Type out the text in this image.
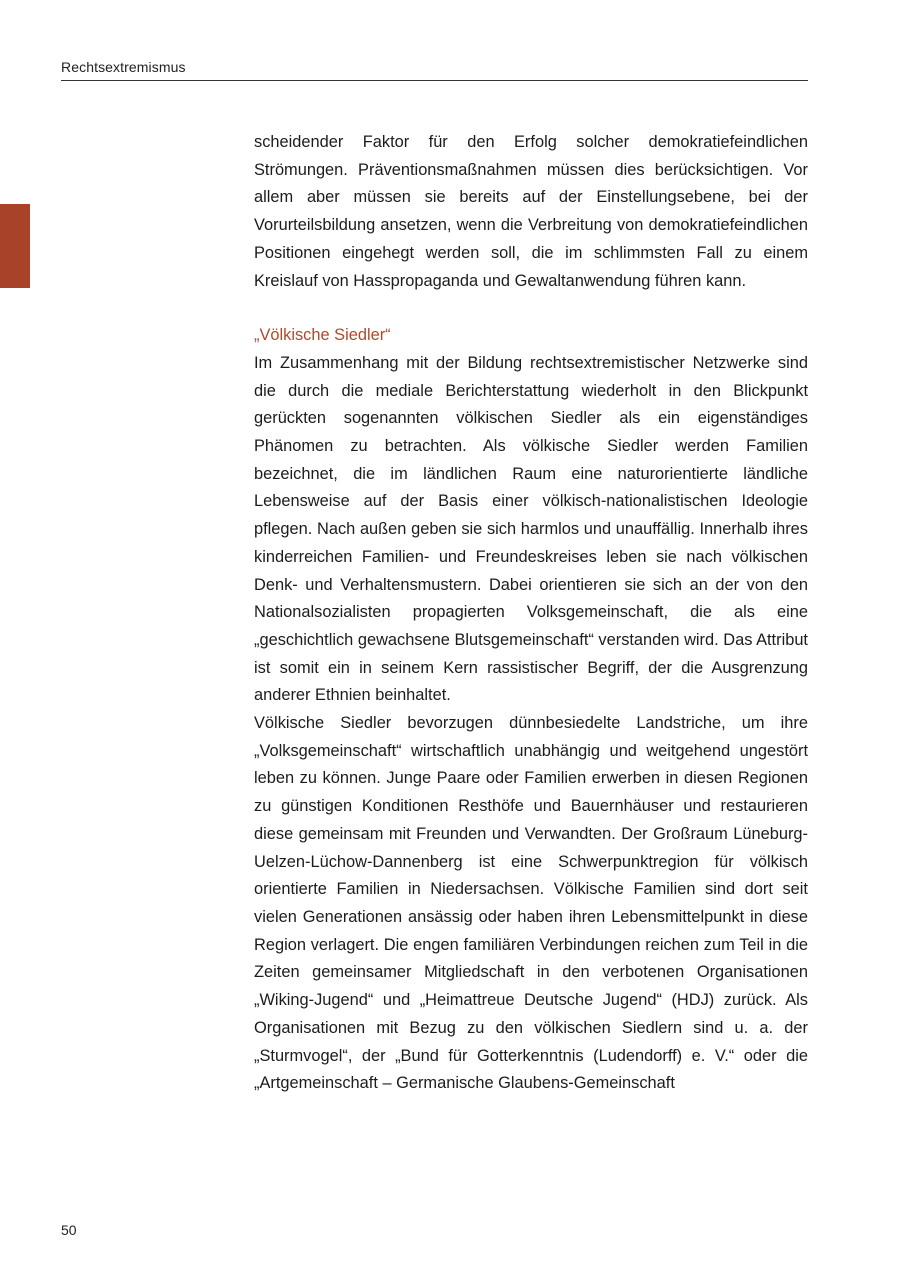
Rechtsextremismus

scheidender Faktor für den Erfolg solcher demokratiefeindlichen Strömungen. Präventionsmaßnahmen müssen dies berücksichtigen. Vor allem aber müssen sie bereits auf der Einstellungsebene, bei der Vorurteilsbildung ansetzen, wenn die Verbreitung von demokratiefeindlichen Positionen eingehegt werden soll, die im schlimmsten Fall zu einem Kreislauf von Hasspropaganda und Gewaltanwendung führen kann.

„Völkische Siedler“

Im Zusammenhang mit der Bildung rechtsextremistischer Netzwerke sind die durch die mediale Berichterstattung wiederholt in den Blickpunkt gerückten sogenannten völkischen Siedler als ein eigenständiges Phänomen zu betrachten. Als völkische Siedler werden Familien bezeichnet, die im ländlichen Raum eine naturorientierte ländliche Lebensweise auf der Basis einer völkisch-nationalistischen Ideologie pflegen. Nach außen geben sie sich harmlos und unauffällig. Innerhalb ihres kinderreichen Familien- und Freundeskreises leben sie nach völkischen Denk- und Verhaltensmustern. Dabei orientieren sie sich an der von den Nationalsozialisten propagierten Volksgemeinschaft, die als eine „geschichtlich gewachsene Blutsgemeinschaft“ verstanden wird. Das Attribut ist somit ein in seinem Kern rassistischer Begriff, der die Ausgrenzung anderer Ethnien beinhaltet.

Völkische Siedler bevorzugen dünnbesiedelte Landstriche, um ihre „Volksgemeinschaft“ wirtschaftlich unabhängig und weitgehend ungestört leben zu können. Junge Paare oder Familien erwerben in diesen Regionen zu günstigen Konditionen Resthöfe und Bauernhäuser und restaurieren diese gemeinsam mit Freunden und Verwandten. Der Großraum Lüneburg-Uelzen-Lüchow-Dannenberg ist eine Schwerpunktregion für völkisch orientierte Familien in Niedersachsen. Völkische Familien sind dort seit vielen Generationen ansässig oder haben ihren Lebensmittelpunkt in diese Region verlagert. Die engen familiären Verbindungen reichen zum Teil in die Zeiten gemeinsamer Mitgliedschaft in den verbotenen Organisationen „Wiking-Jugend“ und „Heimattreue Deutsche Jugend“ (HDJ) zurück. Als Organisationen mit Bezug zu den völkischen Siedlern sind u. a. der „Sturmvogel“, der „Bund für Gotterkenntnis (Ludendorff) e. V.“ oder die „Artgemeinschaft – Germanische Glaubens-Gemeinschaft

50
